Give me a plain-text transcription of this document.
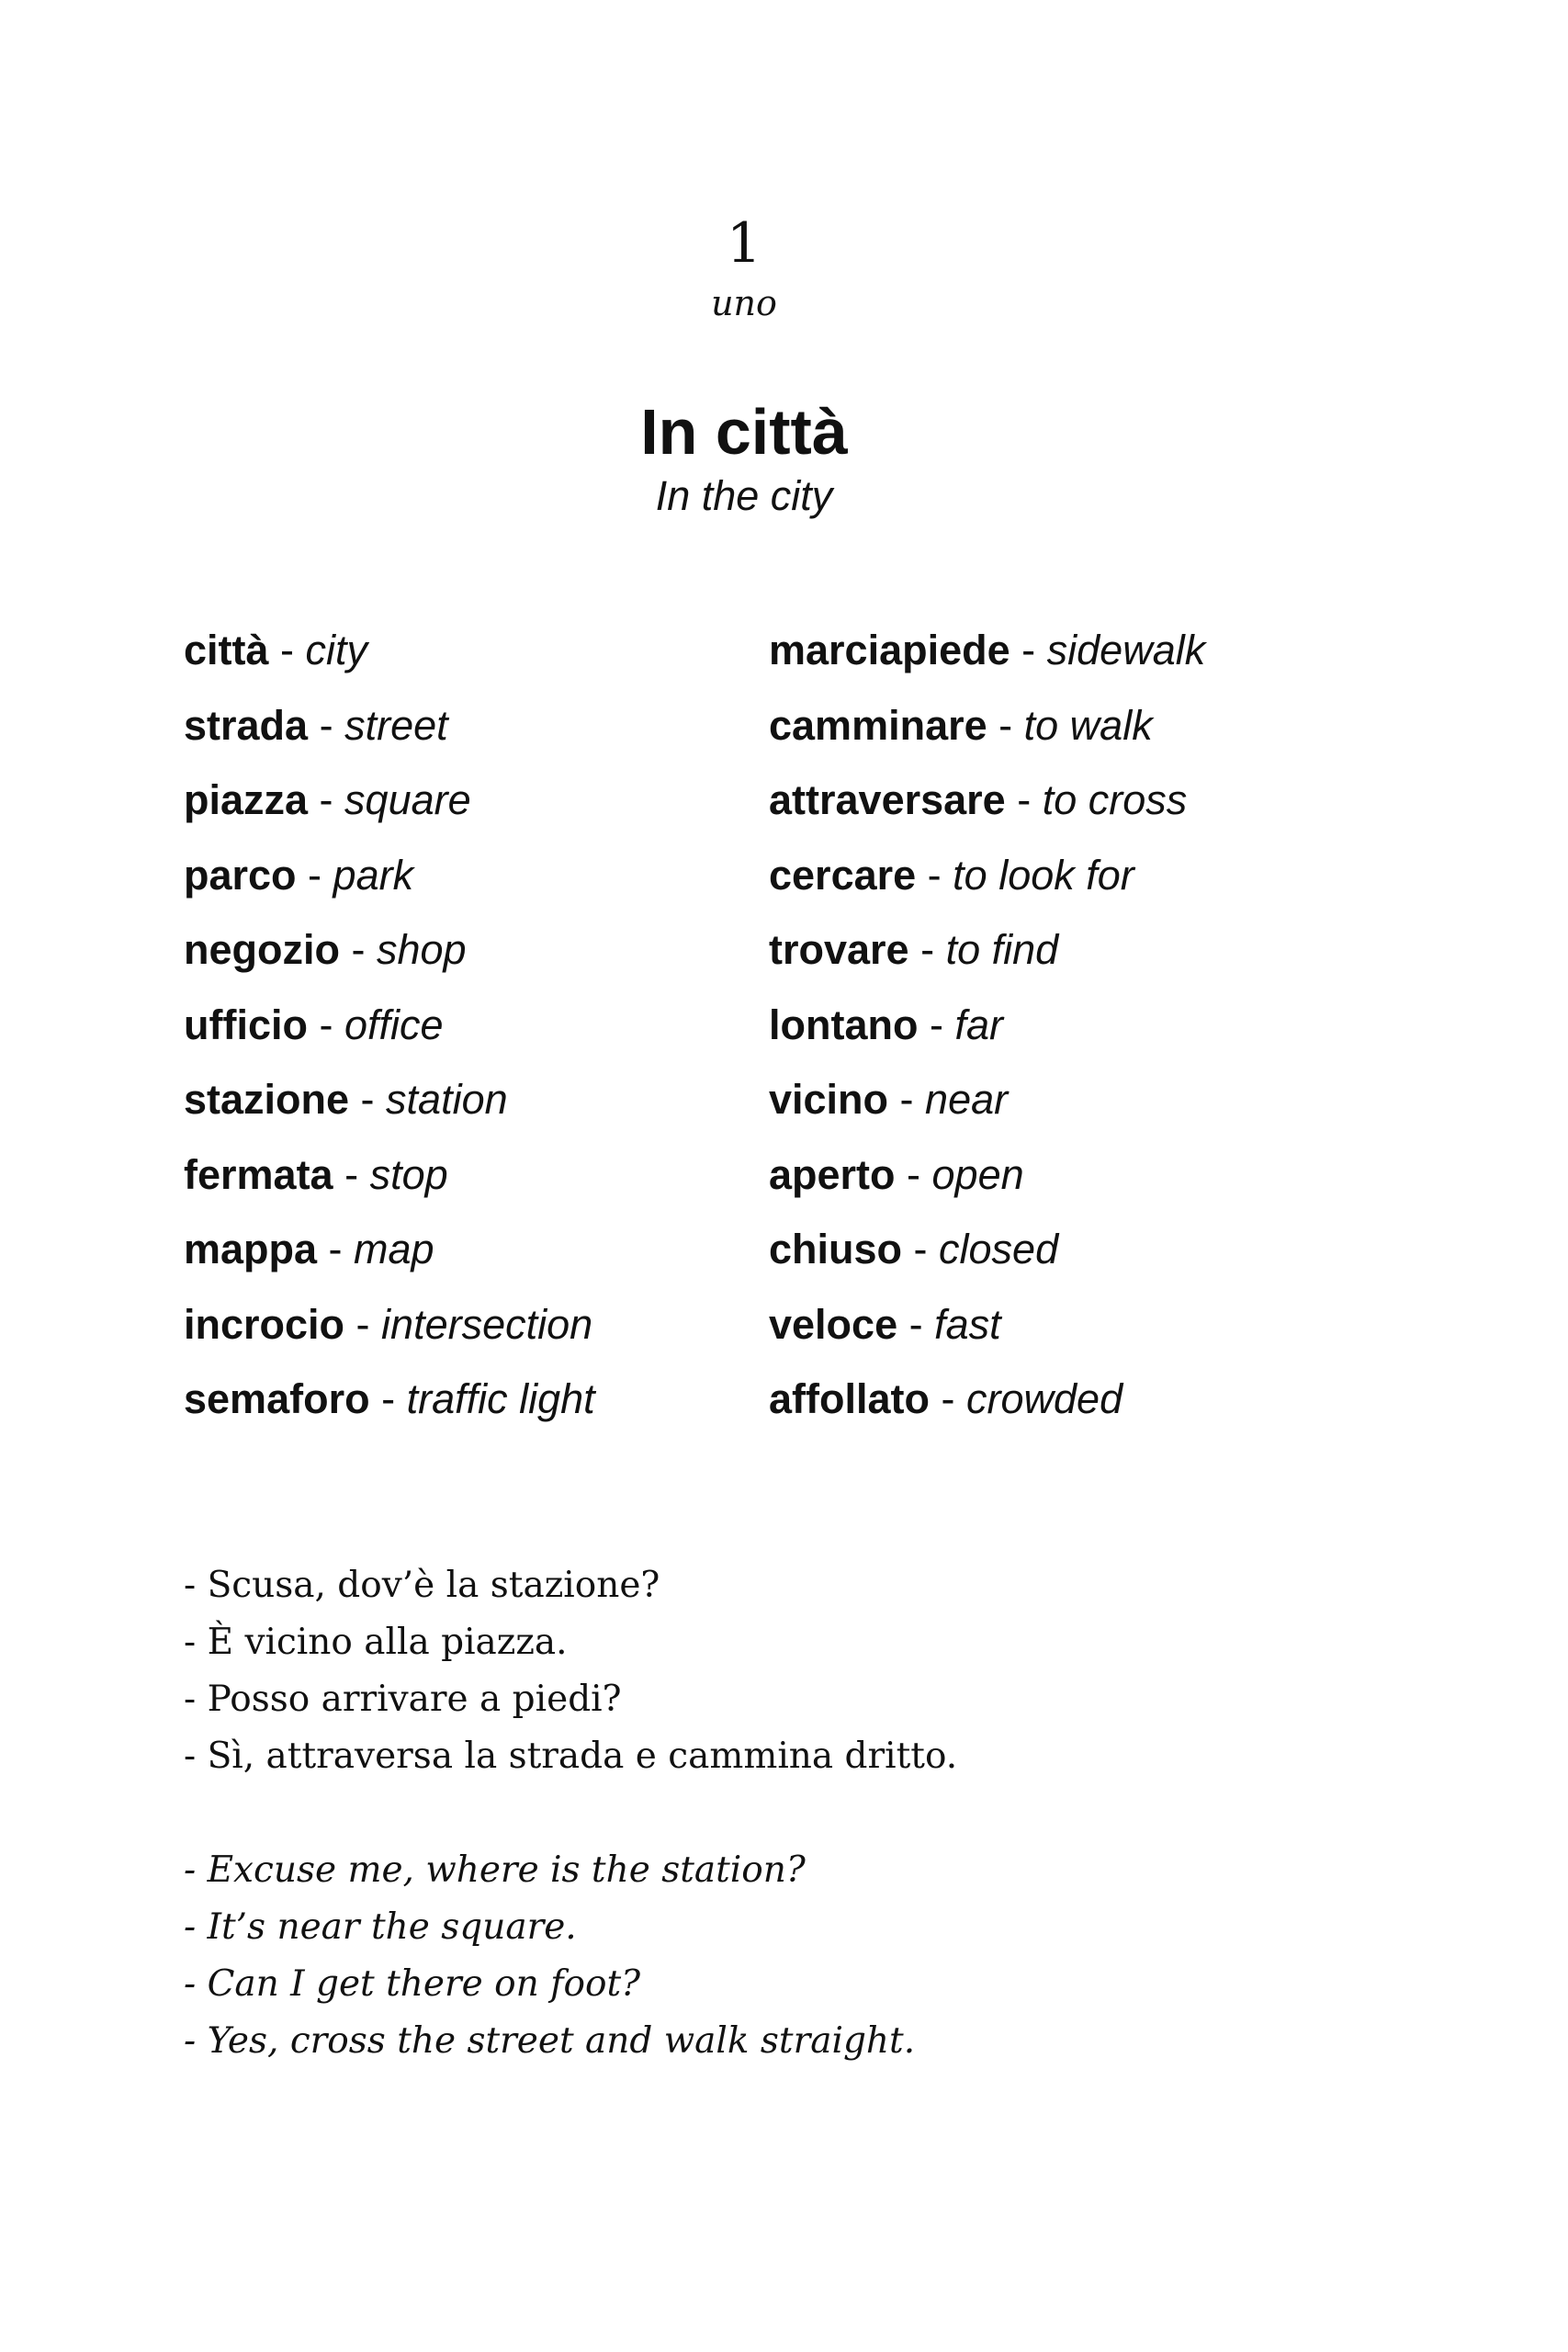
1
uno
In città
In the city
città - city
strada - street
piazza - square
parco - park
negozio - shop
ufficio - office
stazione - station
fermata - stop
mappa - map
incrocio - intersection
semaforo - traffic light
marciapiede - sidewalk
camminare - to walk
attraversare - to cross
cercare - to look for
trovare - to find
lontano - far
vicino - near
aperto - open
chiuso - closed
veloce - fast
affollato - crowded
- Scusa, dov’è la stazione?
- È vicino alla piazza.
- Posso arrivare a piedi?
- Sì, attraversa la strada e cammina dritto.
- Excuse me, where is the station?
- It’s near the square.
- Can I get there on foot?
- Yes, cross the street and walk straight.
